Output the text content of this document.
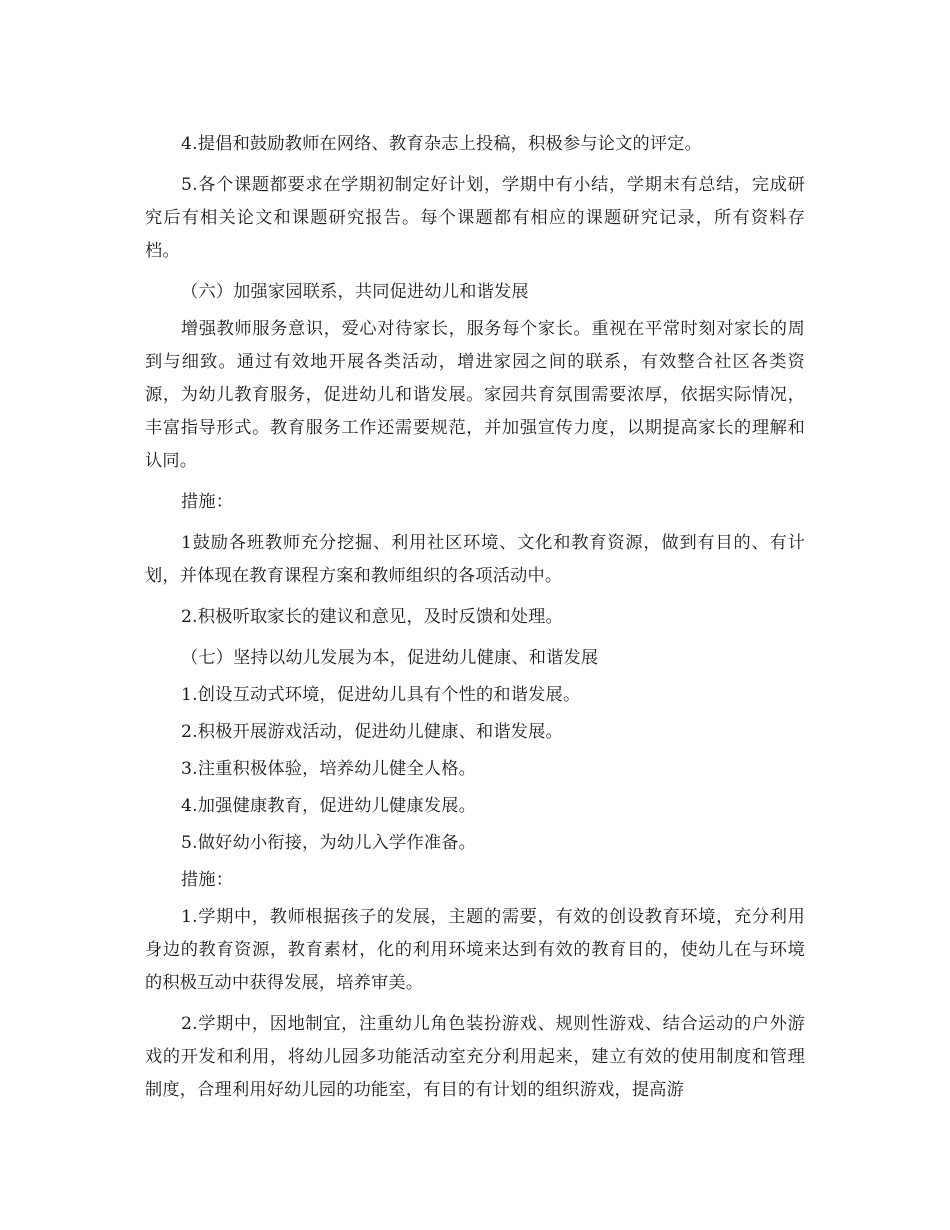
4.提倡和鼓励教师在网络、教育杂志上投稿，积极参与论文的评定。

5.各个课题都要求在学期初制定好计划，学期中有小结，学期末有总结，完成研究后有相关论文和课题研究报告。每个课题都有相应的课题研究记录，所有资料存档。

（六）加强家园联系，共同促进幼儿和谐发展

增强教师服务意识，爱心对待家长，服务每个家长。重视在平常时刻对家长的周到与细致。通过有效地开展各类活动，增进家园之间的联系，有效整合社区各类资源，为幼儿教育服务，促进幼儿和谐发展。家园共育氛围需要浓厚，依据实际情况，丰富指导形式。教育服务工作还需要规范，并加强宣传力度，以期提高家长的理解和认同。

措施：

1鼓励各班教师充分挖掘、利用社区环境、文化和教育资源，做到有目的、有计划，并体现在教育课程方案和教师组织的各项活动中。

2.积极听取家长的建议和意见，及时反馈和处理。

（七）坚持以幼儿发展为本，促进幼儿健康、和谐发展

1.创设互动式环境，促进幼儿具有个性的和谐发展。

2.积极开展游戏活动，促进幼儿健康、和谐发展。

3.注重积极体验，培养幼儿健全人格。

4.加强健康教育，促进幼儿健康发展。

5.做好幼小衔接，为幼儿入学作准备。

措施：

1.学期中，教师根据孩子的发展，主题的需要，有效的创设教育环境，充分利用身边的教育资源，教育素材，化的利用环境来达到有效的教育目的，使幼儿在与环境的积极互动中获得发展，培养审美。

2.学期中，因地制宜，注重幼儿角色装扮游戏、规则性游戏、结合运动的户外游戏的开发和利用，将幼儿园多功能活动室充分利用起来，建立有效的使用制度和管理制度，合理利用好幼儿园的功能室，有目的有计划的组织游戏，提高游
